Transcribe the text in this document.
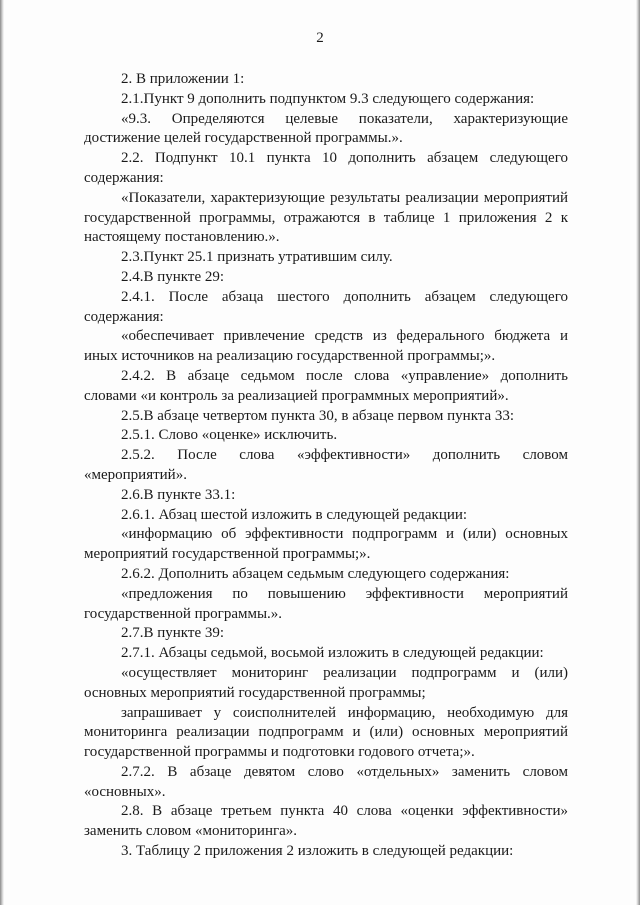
2

2. В приложении 1:

2.1.Пункт 9 дополнить подпунктом 9.3 следующего содержания:

«9.3. Определяются целевые показатели, характеризующие достижение целей государственной программы.».

2.2. Подпункт 10.1 пункта 10 дополнить абзацем следующего содержания:

«Показатели, характеризующие результаты реализации мероприятий государственной программы, отражаются в таблице 1 приложения 2 к настоящему постановлению.».

2.3.Пункт 25.1 признать утратившим силу.

2.4.В пункте 29:

2.4.1. После абзаца шестого дополнить абзацем следующего содержания:

«обеспечивает привлечение средств из федерального бюджета и иных источников на реализацию государственной программы;».

2.4.2. В абзаце седьмом после слова «управление» дополнить словами «и контроль за реализацией программных мероприятий».

2.5.В абзаце четвертом пункта 30, в абзаце первом пункта 33:

2.5.1. Слово «оценке» исключить.

2.5.2. После слова «эффективности» дополнить словом «мероприятий».

2.6.В пункте 33.1:

2.6.1. Абзац шестой изложить в следующей редакции:

«информацию об эффективности подпрограмм и (или) основных мероприятий государственной программы;».

2.6.2. Дополнить абзацем седьмым следующего содержания:

«предложения по повышению эффективности мероприятий государственной программы.».

2.7.В пункте 39:

2.7.1. Абзацы седьмой, восьмой изложить в следующей редакции:

«осуществляет мониторинг реализации подпрограмм и (или) основных мероприятий государственной программы;

запрашивает у соисполнителей информацию, необходимую для мониторинга реализации подпрограмм и (или) основных мероприятий государственной программы и подготовки годового отчета;».

2.7.2. В абзаце девятом слово «отдельных» заменить словом «основных».

2.8. В абзаце третьем пункта 40 слова «оценки эффективности» заменить словом «мониторинга».

3. Таблицу 2 приложения 2 изложить в следующей редакции:
